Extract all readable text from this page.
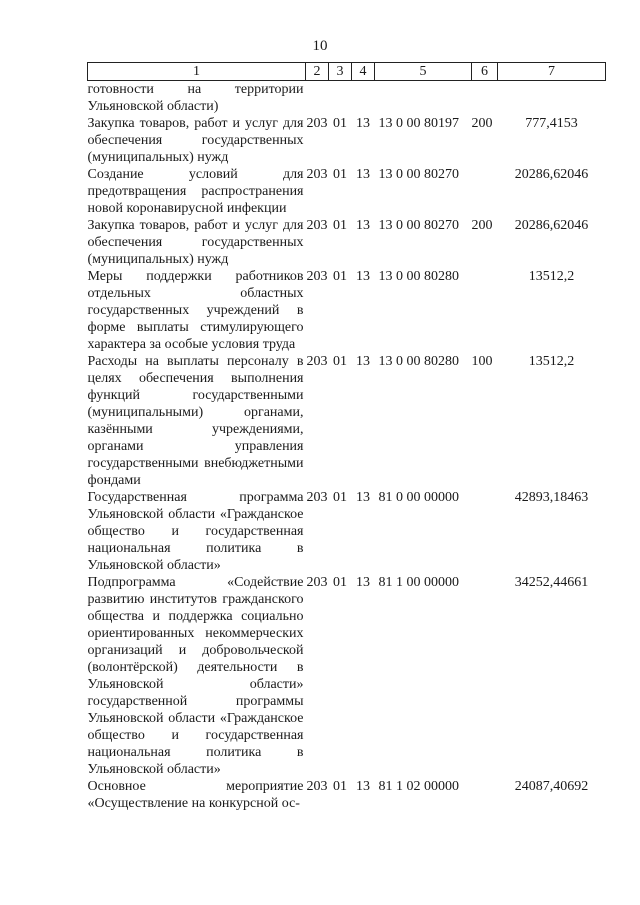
10
1	2	3	4	5	6	7
готовности на территории Ульяновской области)						
Закупка товаров, работ и услуг для обеспечения государственных (муниципальных) нужд	203	01	13	13 0 00 80197	200	777,4153
Создание условий для предотвращения распространения новой коронавирусной инфекции	203	01	13	13 0 00 80270		20286,62046
Закупка товаров, работ и услуг для обеспечения государственных (муниципальных) нужд	203	01	13	13 0 00 80270	200	20286,62046
Меры поддержки работников отдельных областных государственных учреждений в форме выплаты стимулирующего характера за особые условия труда	203	01	13	13 0 00 80280		13512,2
Расходы на выплаты персоналу в целях обеспечения выполнения функций государственными (муниципальными) органами, казёнными учреждениями, органами управления государственными внебюджетными фондами	203	01	13	13 0 00 80280	100	13512,2
Государственная программа Ульяновской области «Гражданское общество и государственная национальная политика в Ульяновской области»	203	01	13	81 0 00 00000		42893,18463
Подпрограмма «Содействие развитию институтов гражданского общества и поддержка социально ориентированных некоммерческих организаций и добровольческой (волонтёрской) деятельности в Ульяновской области» государственной программы Ульяновской области «Гражданское общество и государственная национальная политика в Ульяновской области»	203	01	13	81 1 00 00000		34252,44661
Основное мероприятие «Осуществление на конкурсной ос-	203	01	13	81 1 02 00000		24087,40692
